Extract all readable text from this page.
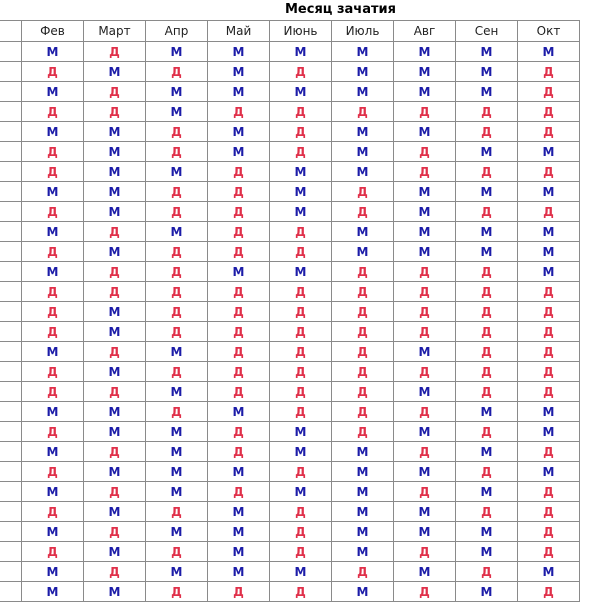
Месяц зачатия
	Фев	Март	Апр	Май	Июнь	Июль	Авг	Сен	Окт
	М	Д	М	М	М	М	М	М	М
	Д	М	Д	М	Д	М	М	М	Д
	М	Д	М	М	М	М	М	М	Д
	Д	Д	М	Д	Д	Д	Д	Д	Д
	М	М	Д	М	Д	М	М	Д	Д
	Д	М	Д	М	Д	М	Д	М	М
	Д	М	М	Д	М	М	Д	Д	Д
	М	М	Д	Д	М	Д	М	М	М
	Д	М	Д	Д	М	Д	М	Д	Д
	М	Д	М	Д	Д	М	М	М	М
	Д	М	Д	Д	Д	М	М	М	М
	М	Д	Д	М	М	Д	Д	Д	М
	Д	Д	Д	Д	Д	Д	Д	Д	Д
	Д	М	Д	Д	Д	Д	Д	Д	Д
	Д	М	Д	Д	Д	Д	Д	Д	Д
	М	Д	М	Д	Д	Д	М	Д	Д
	Д	М	Д	Д	Д	Д	Д	Д	Д
	Д	Д	М	Д	Д	Д	М	Д	Д
	М	М	Д	М	Д	Д	Д	М	М
	Д	М	М	Д	М	Д	М	Д	М
	М	Д	М	Д	М	М	Д	М	Д
	Д	М	М	М	Д	М	М	Д	М
	М	Д	М	Д	М	М	Д	М	Д
	Д	М	Д	М	Д	М	М	Д	Д
	М	Д	М	М	Д	М	М	М	Д
	Д	М	Д	М	Д	М	Д	М	Д
	М	Д	М	М	М	Д	М	Д	М
	М	М	Д	Д	Д	М	Д	М	Д
